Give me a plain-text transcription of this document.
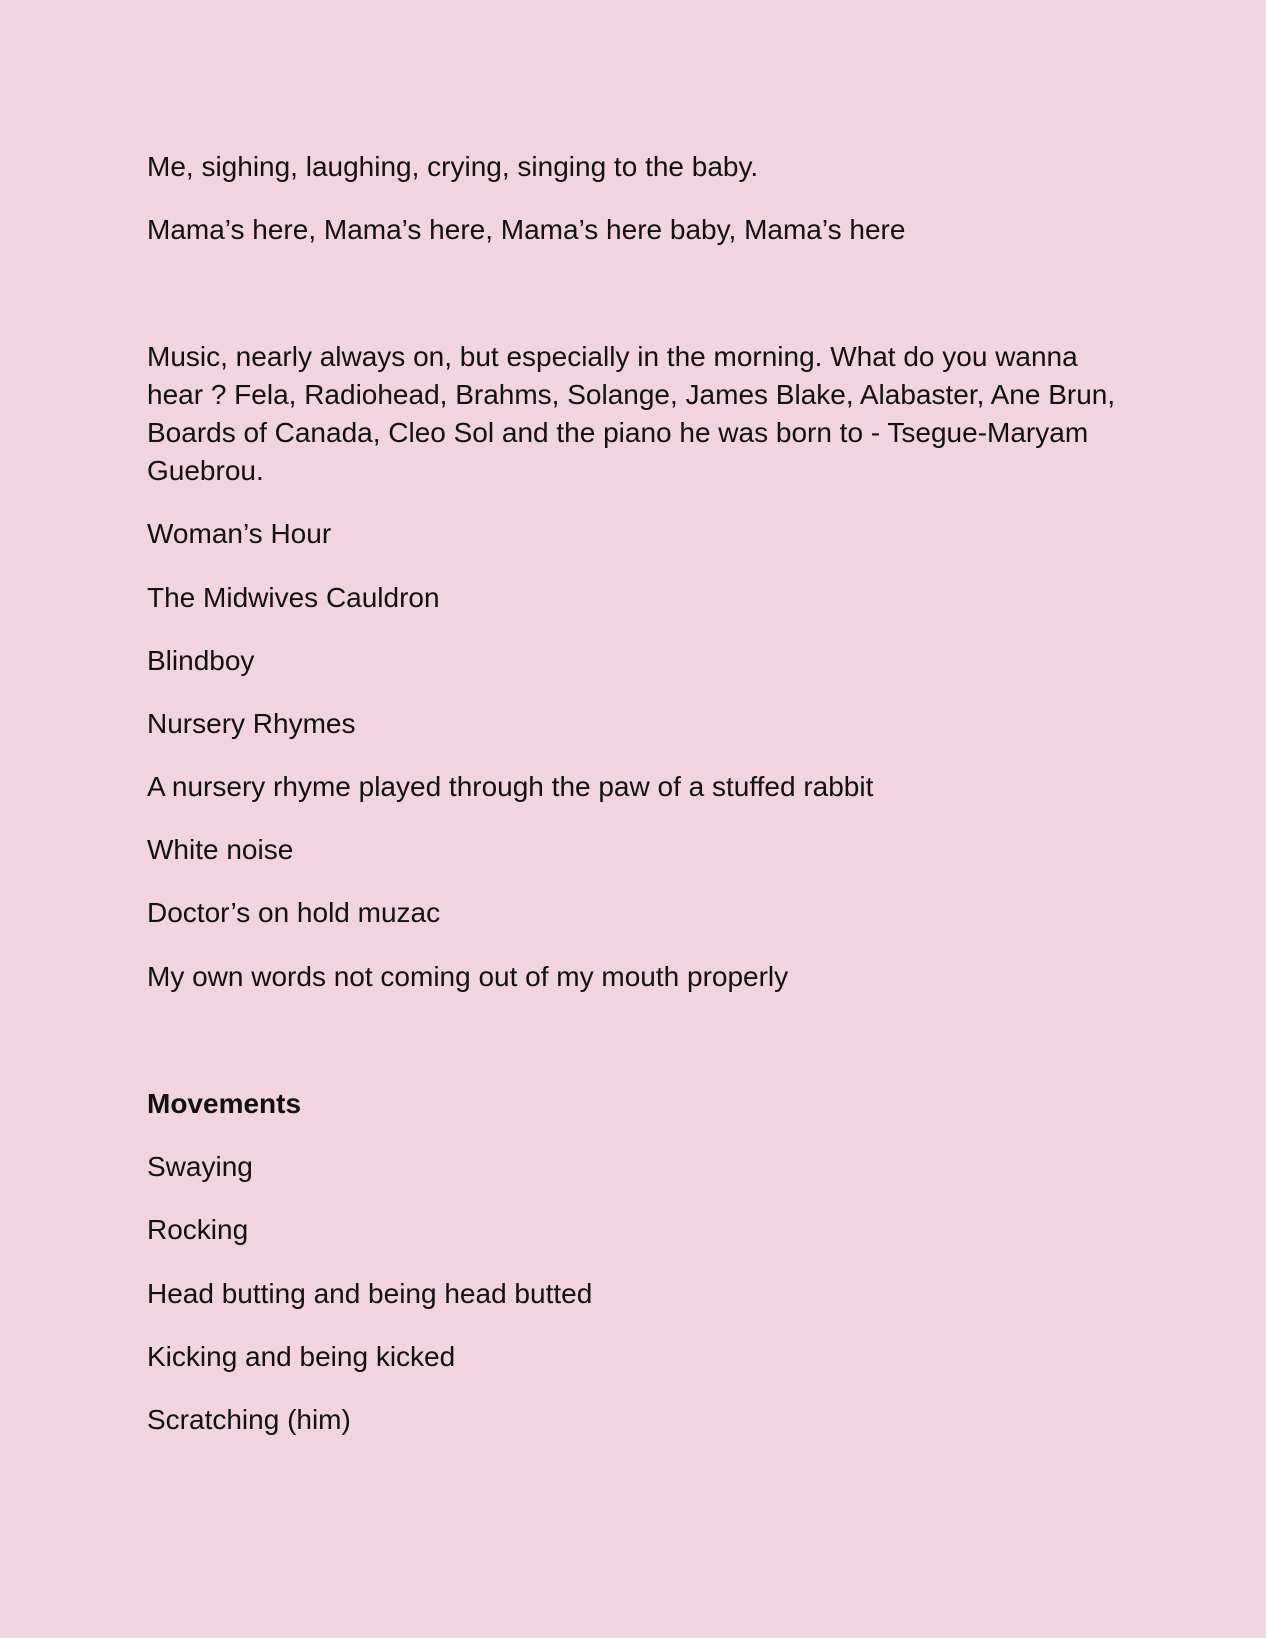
Me, sighing, laughing, crying, singing to the baby.

Mama’s here, Mama’s here, Mama’s here baby, Mama’s here

Music, nearly always on, but especially in the morning. What do you wanna hear ? Fela, Radiohead, Brahms, Solange, James Blake, Alabaster, Ane Brun, Boards of Canada, Cleo Sol and the piano he was born to - Tsegue-Maryam Guebrou.

Woman’s Hour

The Midwives Cauldron

Blindboy

Nursery Rhymes

A nursery rhyme played through the paw of a stuffed rabbit

White noise

Doctor’s on hold muzac

My own words not coming out of my mouth properly

Movements

Swaying

Rocking

Head butting and being head butted

Kicking and being kicked

Scratching (him)
